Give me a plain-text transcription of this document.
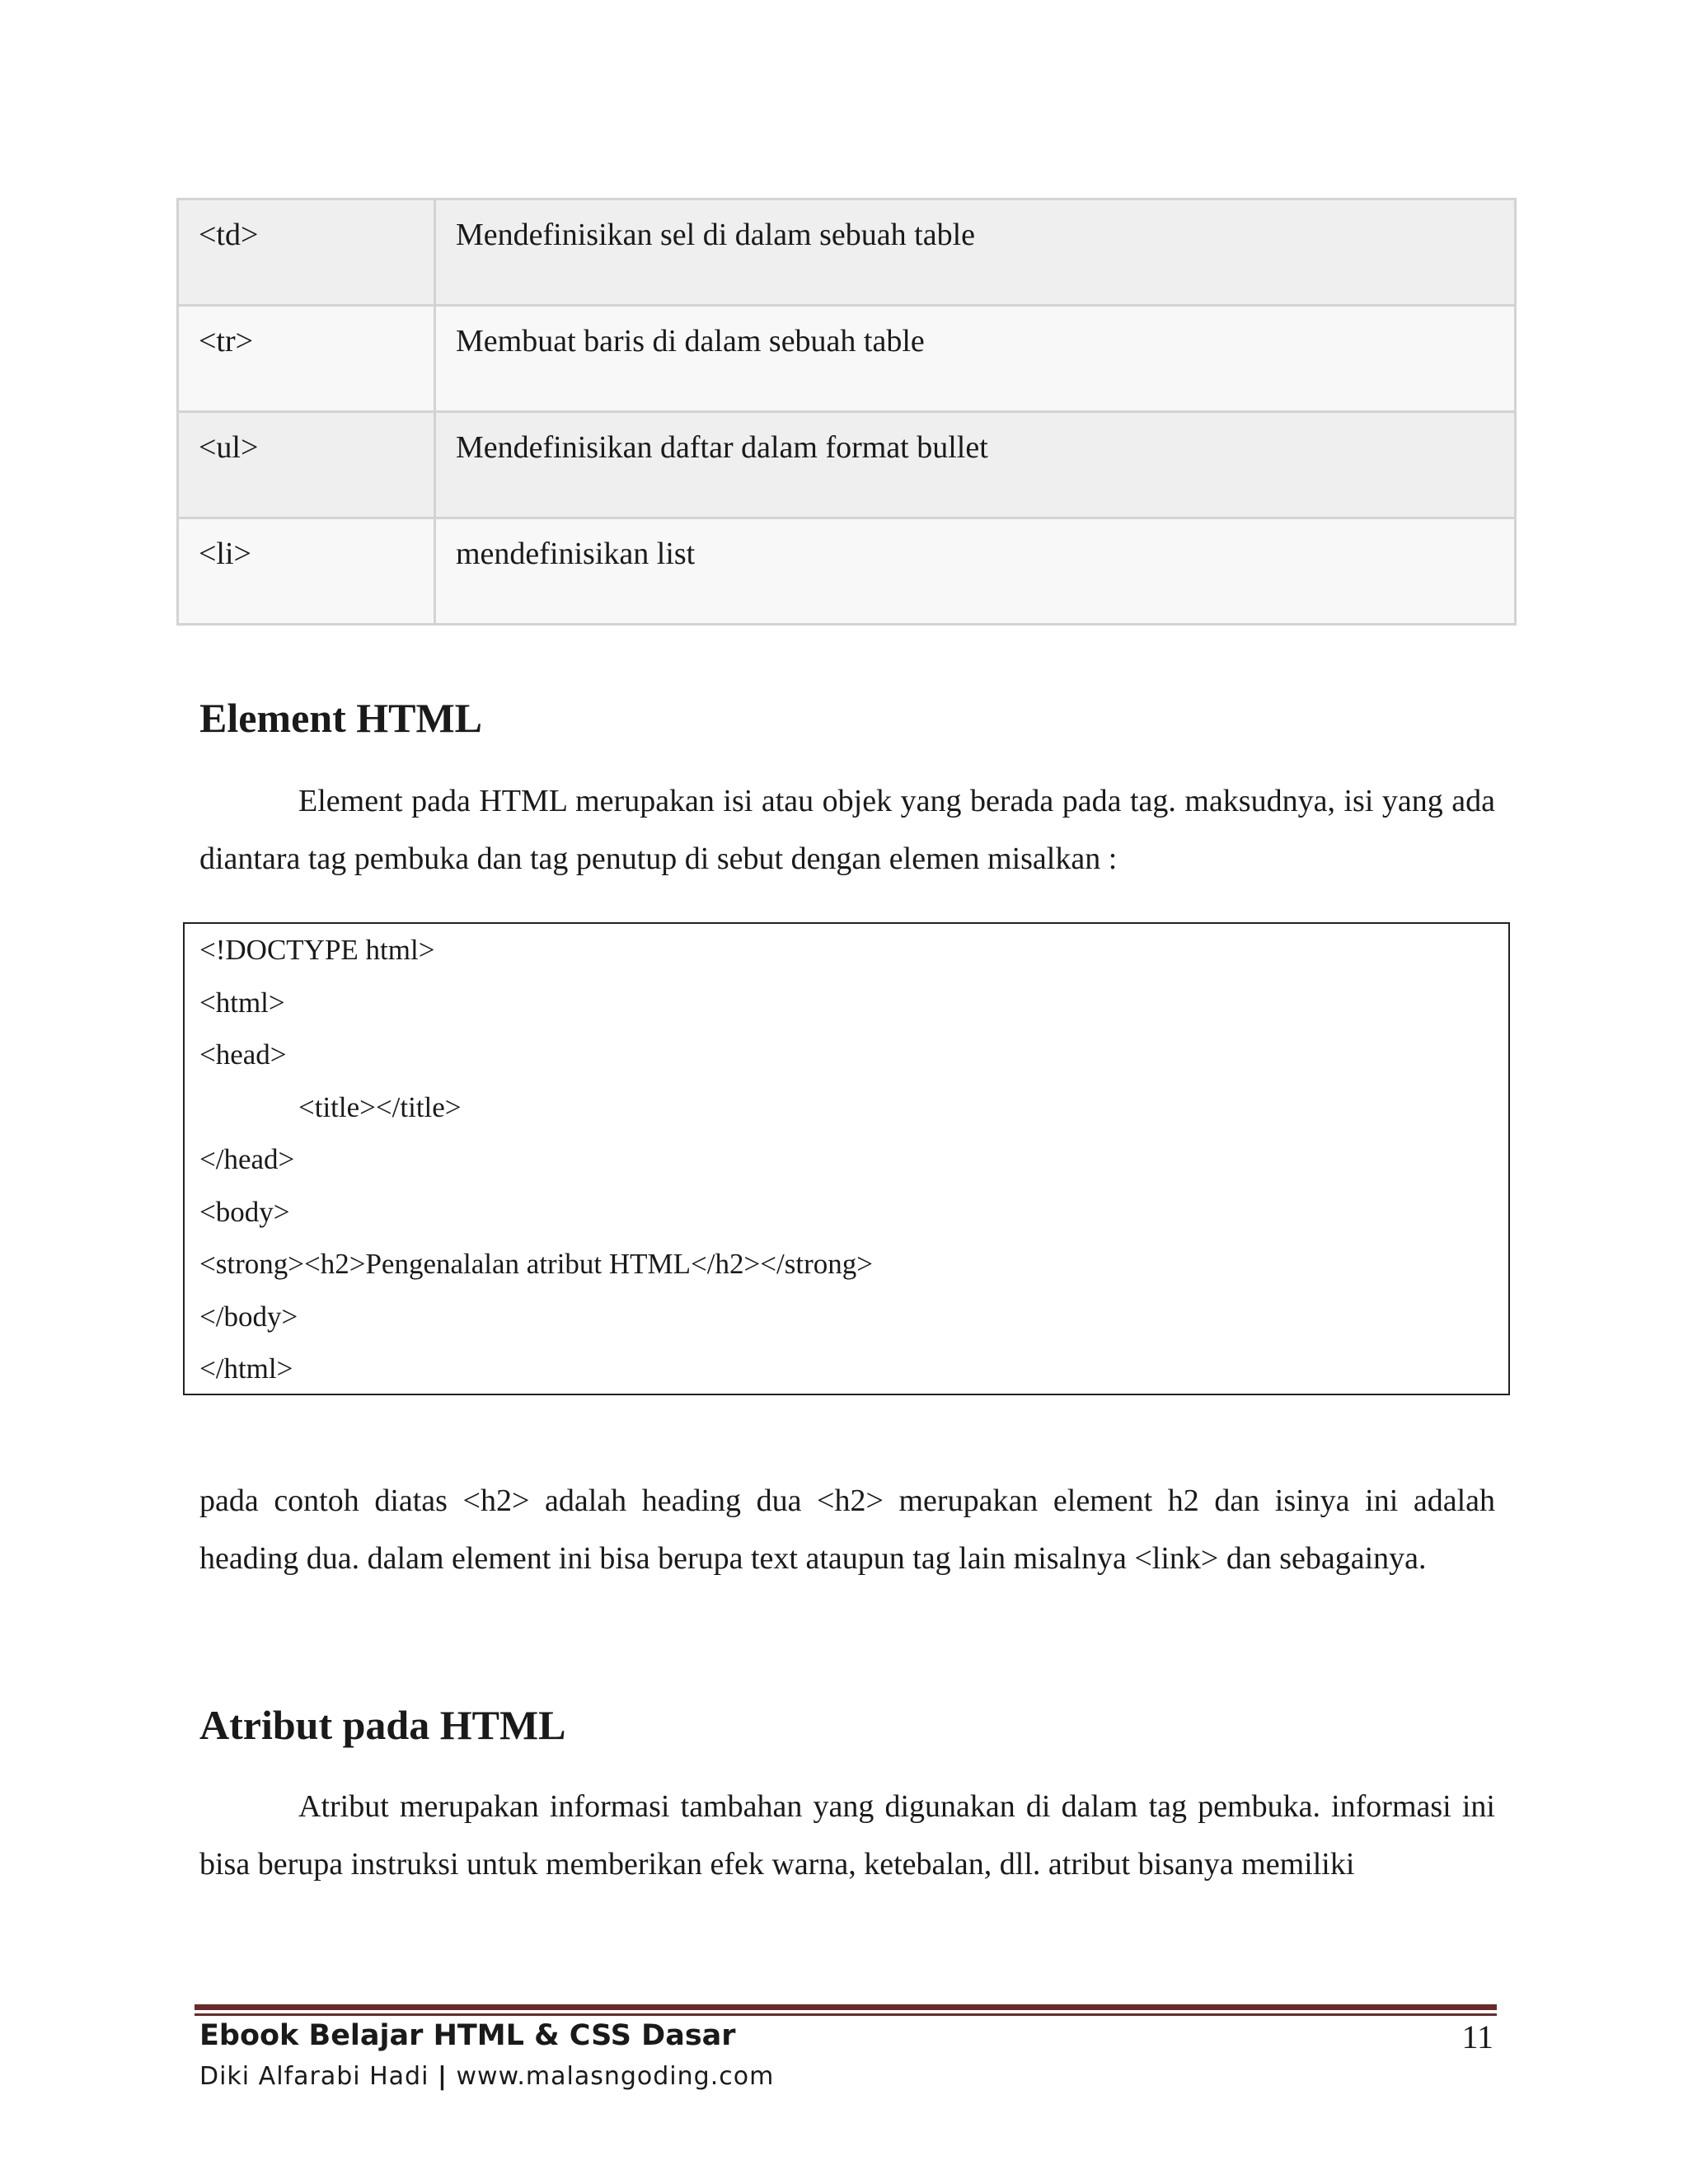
<td>	Mendefinisikan sel di dalam sebuah table
<tr>	Membuat baris di dalam sebuah table
<ul>	Mendefinisikan daftar dalam format bullet
<li>	mendefinisikan list
Element HTML

Element pada HTML merupakan isi atau objek yang berada pada tag. maksudnya, isi yang ada diantara tag pembuka dan tag penutup di sebut dengan elemen misalkan :

<!DOCTYPE html>
<html>
<head>
<title></title>
</head>
<body>
<strong><h2>Pengenalalan atribut HTML</h2></strong>
</body>
</html>

pada contoh diatas <h2> adalah heading dua <h2> merupakan element h2 dan isinya ini adalah heading dua. dalam element ini bisa berupa text ataupun tag lain misalnya <link> dan sebagainya.

Atribut pada HTML

Atribut merupakan informasi tambahan yang digunakan di dalam tag pembuka. informasi ini bisa berupa instruksi untuk memberikan efek warna, ketebalan, dll. atribut bisanya memiliki

Ebook Belajar HTML & CSS Dasar
Diki Alfarabi Hadi | www.malasngoding.com
11
